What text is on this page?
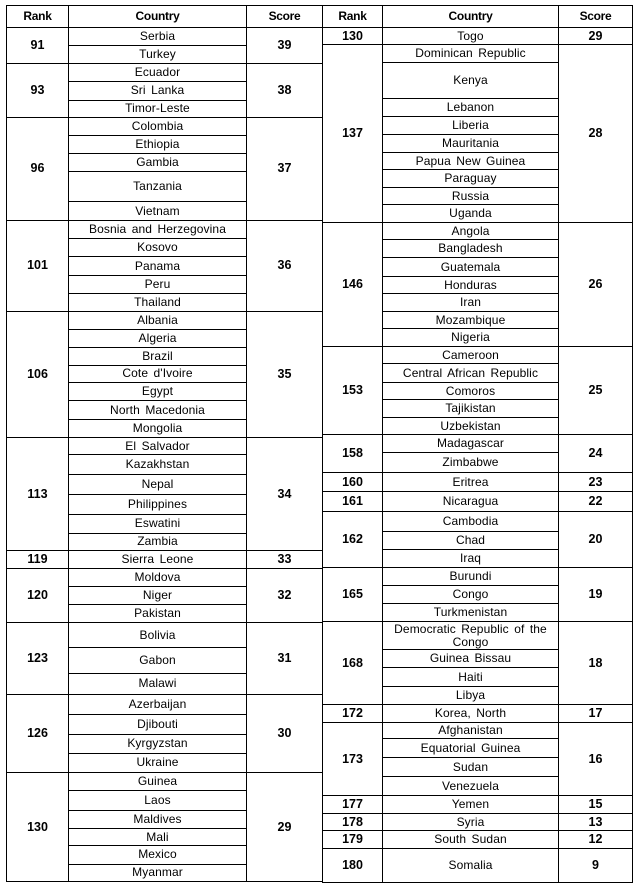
Rank	Country	Score
91	Serbia	39
	Turkey	
93	Ecuador	38
	Sri Lanka	
	Timor-Leste	
96	Colombia	37
	Ethiopia	
	Gambia	
	Tanzania	
	Vietnam	
101	Bosnia and Herzegovina	36
	Kosovo	
	Panama	
	Peru	
	Thailand	
106	Albania	35
	Algeria	
	Brazil	
	Cote d'Ivoire	
	Egypt	
	North Macedonia	
	Mongolia	
113	El Salvador	34
	Kazakhstan	
	Nepal	
	Philippines	
	Eswatini	
	Zambia	
119	Sierra Leone	33
120	Moldova	32
	Niger	
	Pakistan	
123	Bolivia	31
	Gabon	
	Malawi	
126	Azerbaijan	30
	Djibouti	
	Kyrgyzstan	
	Ukraine	
130	Guinea	29
	Laos	
	Maldives	
	Mali	
	Mexico	
	Myanmar	
Rank	Country	Score
130	Togo	29
137	Dominican Republic	28
	Kenya	
	Lebanon	
	Liberia	
	Mauritania	
	Papua New Guinea	
	Paraguay	
	Russia	
	Uganda	
146	Angola	26
	Bangladesh	
	Guatemala	
	Honduras	
	Iran	
	Mozambique	
	Nigeria	
153	Cameroon	25
	Central African Republic	
	Comoros	
	Tajikistan	
	Uzbekistan	
158	Madagascar	24
	Zimbabwe	
160	Eritrea	23
161	Nicaragua	22
162	Cambodia	20
	Chad	
	Iraq	
165	Burundi	19
	Congo	
	Turkmenistan	
168	Democratic Republic of the Congo	18
	Guinea Bissau	
	Haiti	
	Libya	
172	Korea, North	17
173	Afghanistan	16
	Equatorial Guinea	
	Sudan	
	Venezuela	
177	Yemen	15
178	Syria	13
179	South Sudan	12
180	Somalia	9
